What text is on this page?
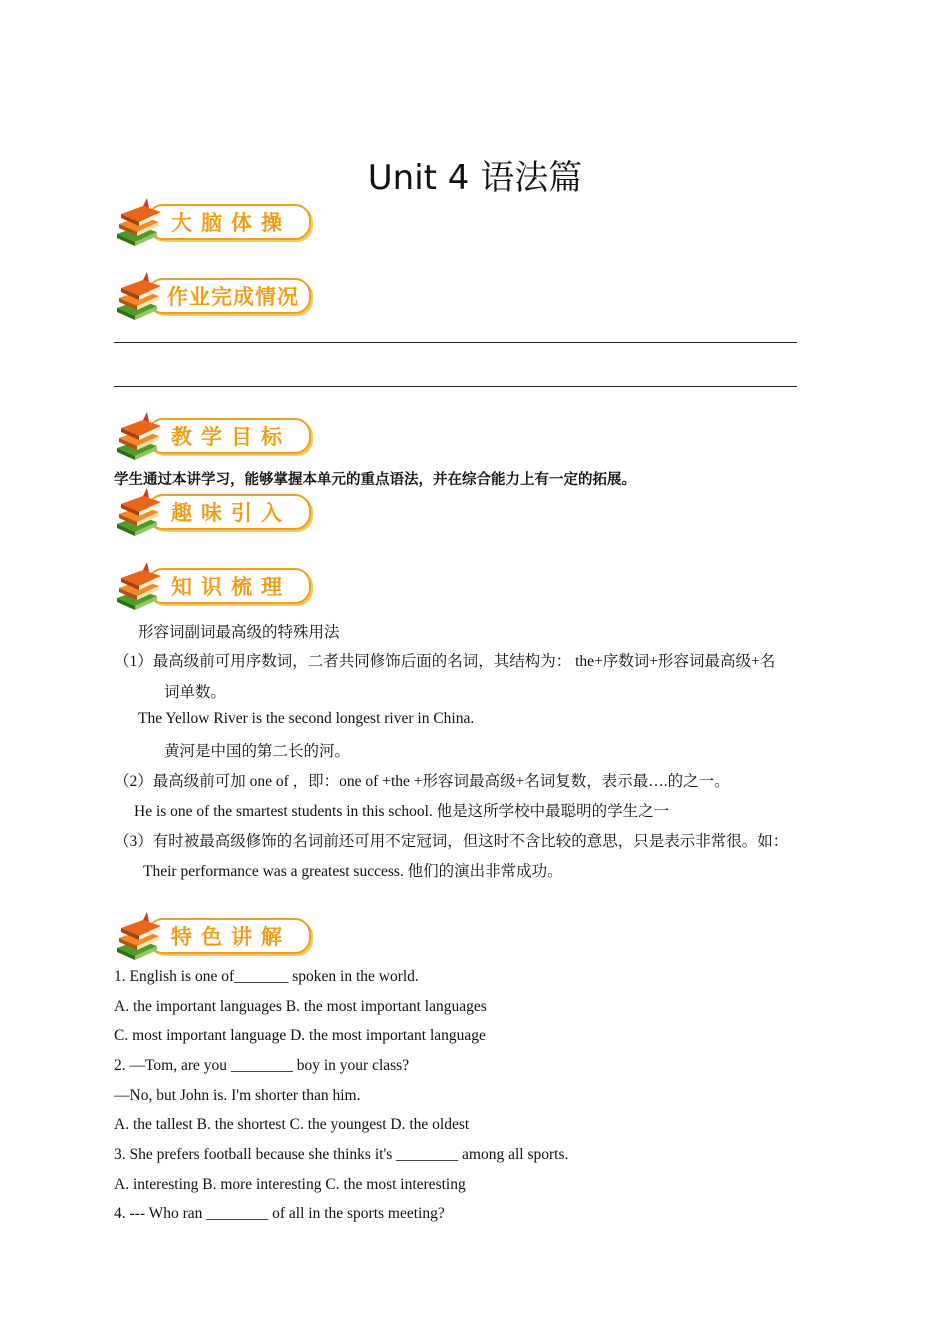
Unit 4 语法篇
大脑体操
作业完成情况
教学目标
学生通过本讲学习，能够掌握本单元的重点语法，并在综合能力上有一定的拓展。
趣味引入
知识梳理
形容词副词最高级的特殊用法
（1）最高级前可用序数词，二者共同修饰后面的名词，其结构为： the+序数词+形容词最高级+名
词单数。
The Yellow River is the second longest river in China.
黄河是中国的第二长的河。
（2）最高级前可加 one of ，即：one of +the +形容词最高级+名词复数，表示最….的之一。
He is one of the smartest students in this school. 他是这所学校中最聪明的学生之一
（3）有时被最高级修饰的名词前还可用不定冠词，但这时不含比较的意思，只是表示非常很。如：
Their performance was a greatest success. 他们的演出非常成功。
特色讲解
1. English is one of_______ spoken in the world.
A. the important languages B. the most important languages
C. most important language D. the most important language
2. —Tom, are you ________ boy in your class?
—No, but John is. I'm shorter than him.
A. the tallest B. the shortest C. the youngest D. the oldest
3. She prefers football because she thinks it's ________ among all sports.
A. interesting B. more interesting C. the most interesting
4. --- Who ran ________ of all in the sports meeting?
